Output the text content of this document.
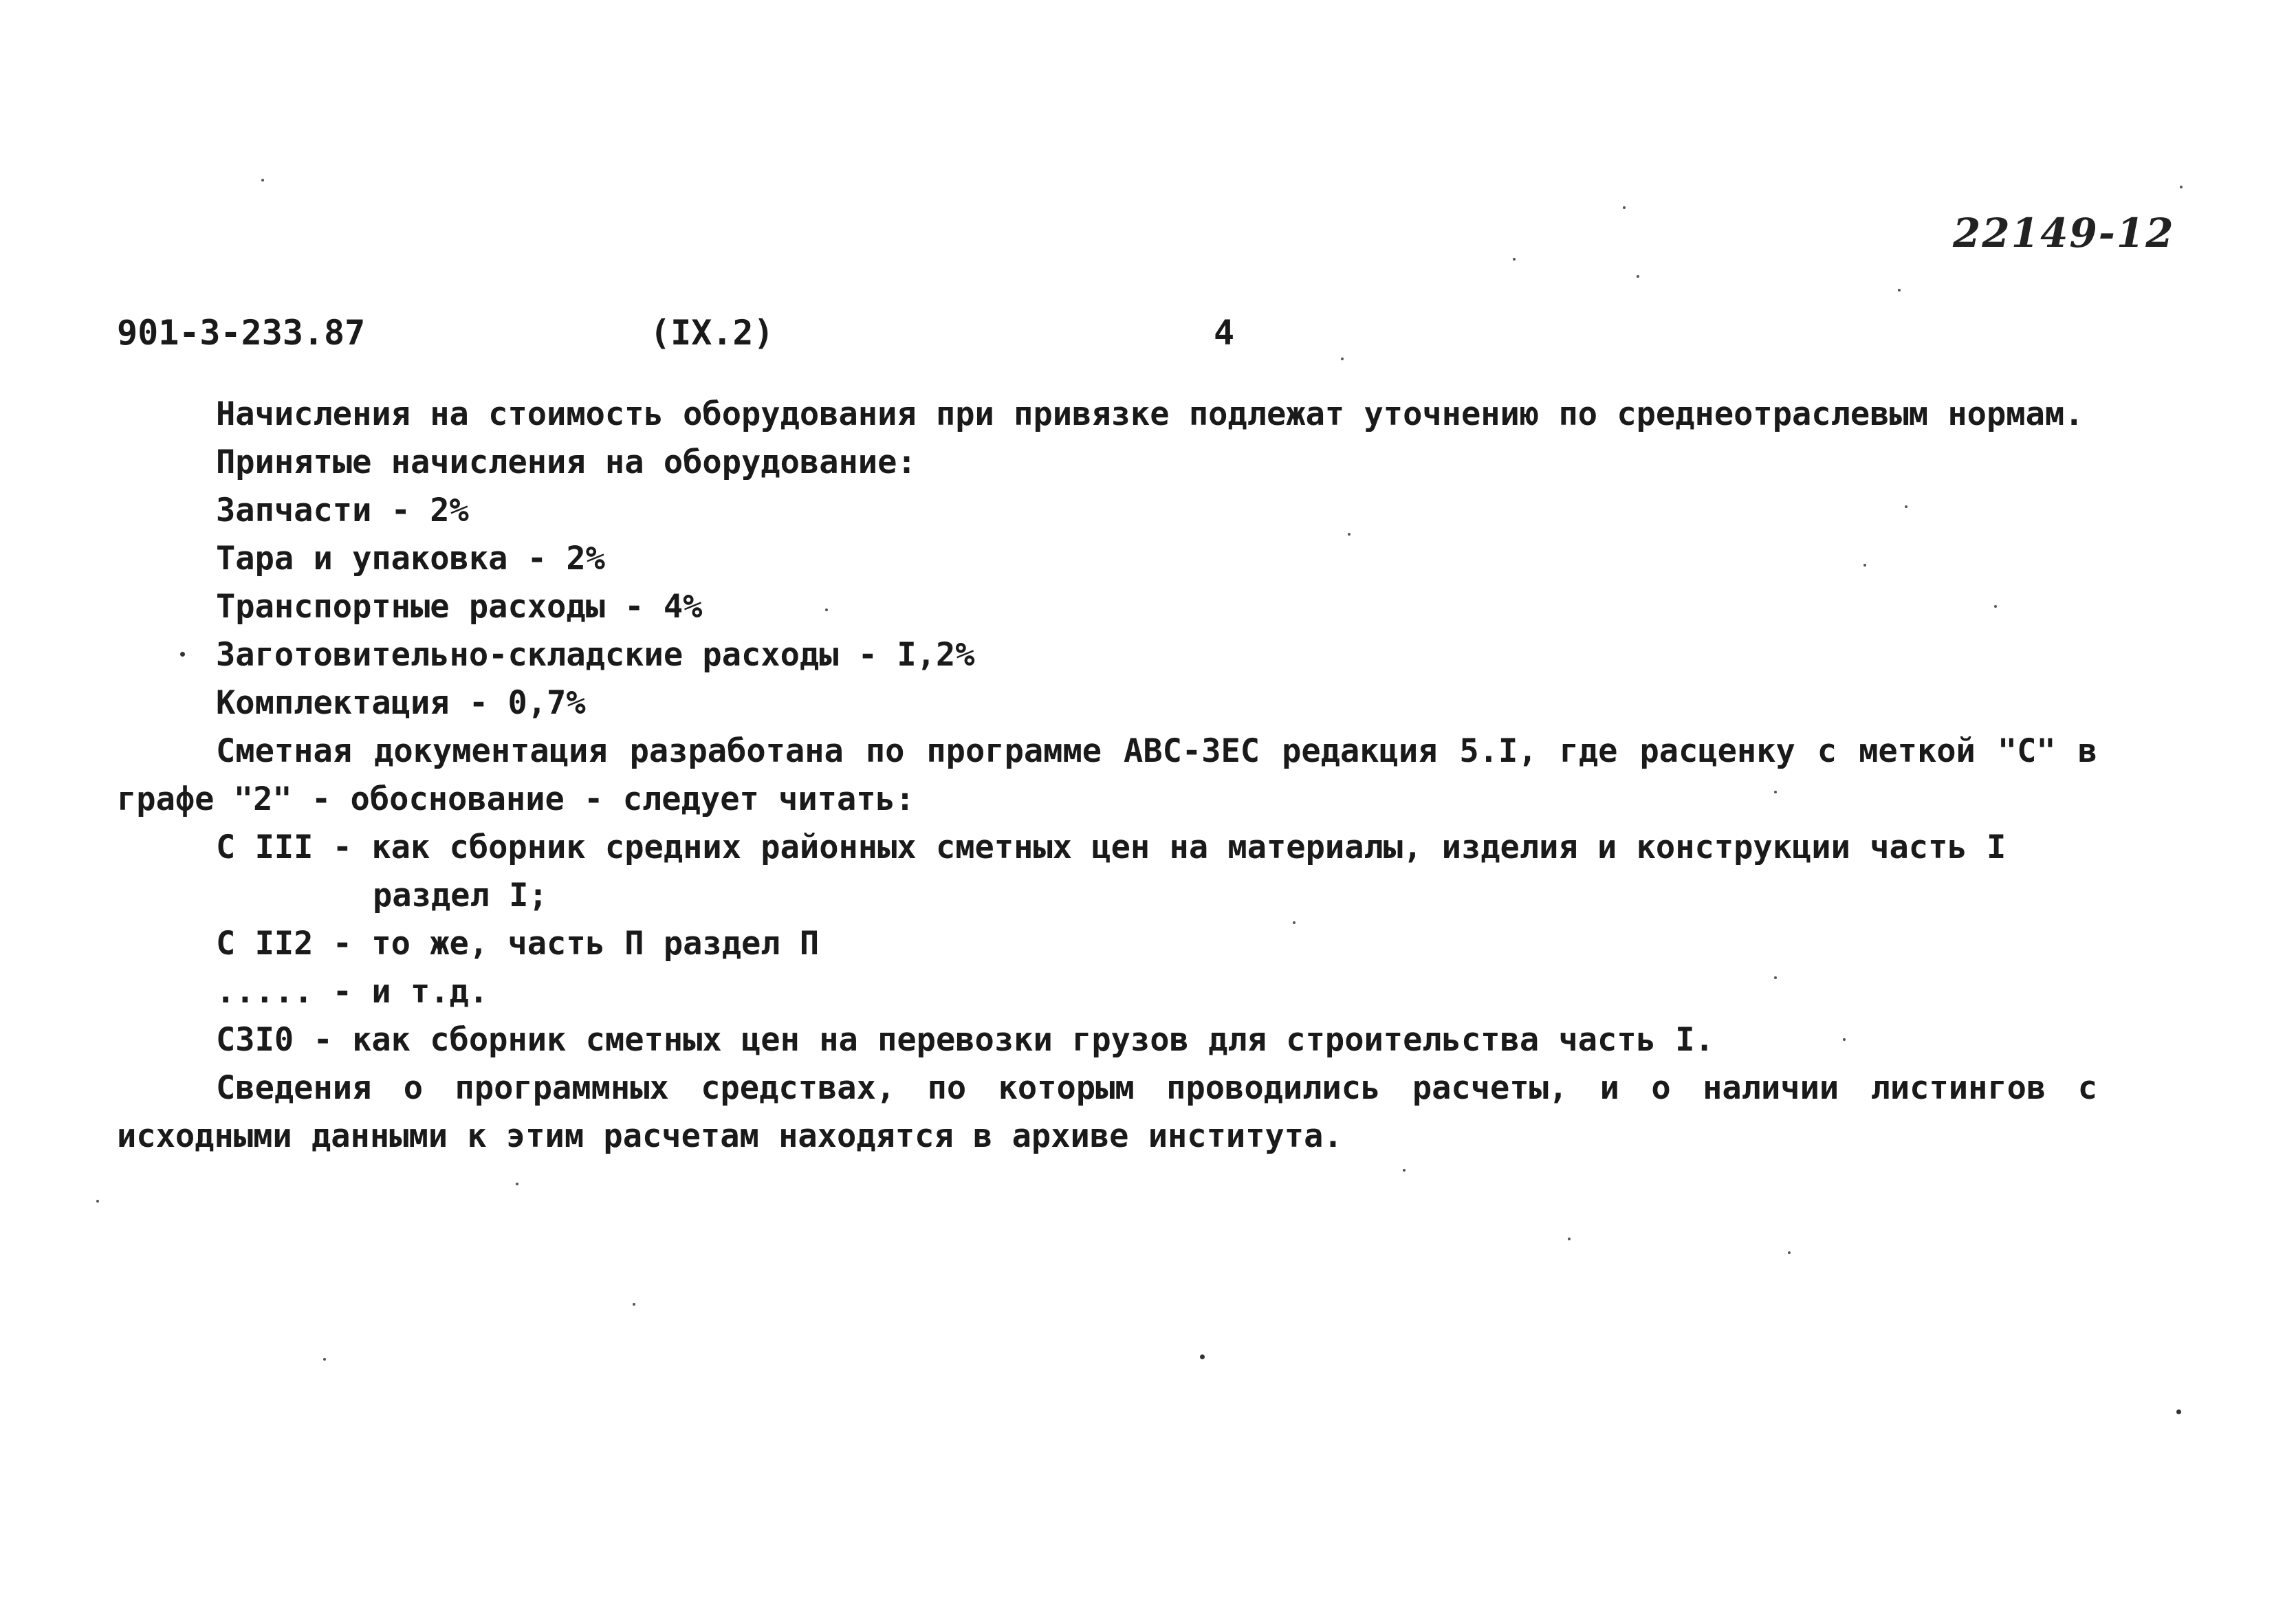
22149-12
901-3-233.87	(IX.2)	4
Начисления на стоимость оборудования при привязке подлежат уточнению по среднеотраслевым нормам.
Принятые начисления на оборудование:
Запчасти - 2%
Тара и упаковка - 2%
Транспортные расходы - 4%
Заготовительно-складские расходы - I,2%
Комплектация - 0,7%
Сметная документация разработана по программе АВС-3ЕС редакция 5.I, где расценку с меткой "С" в графе "2" - обоснование - следует читать:
С III - как сборник средних районных сметных цен на материалы, изделия и конструкции часть I
раздел I;
С II2 - то же, часть П раздел П
..... - и т.д.
С3I0 - как сборник сметных цен на перевозки грузов для строительства часть I.
Сведения о программных средствах, по которым проводились расчеты, и о наличии листингов с исходными данными к этим расчетам находятся в архиве института.
